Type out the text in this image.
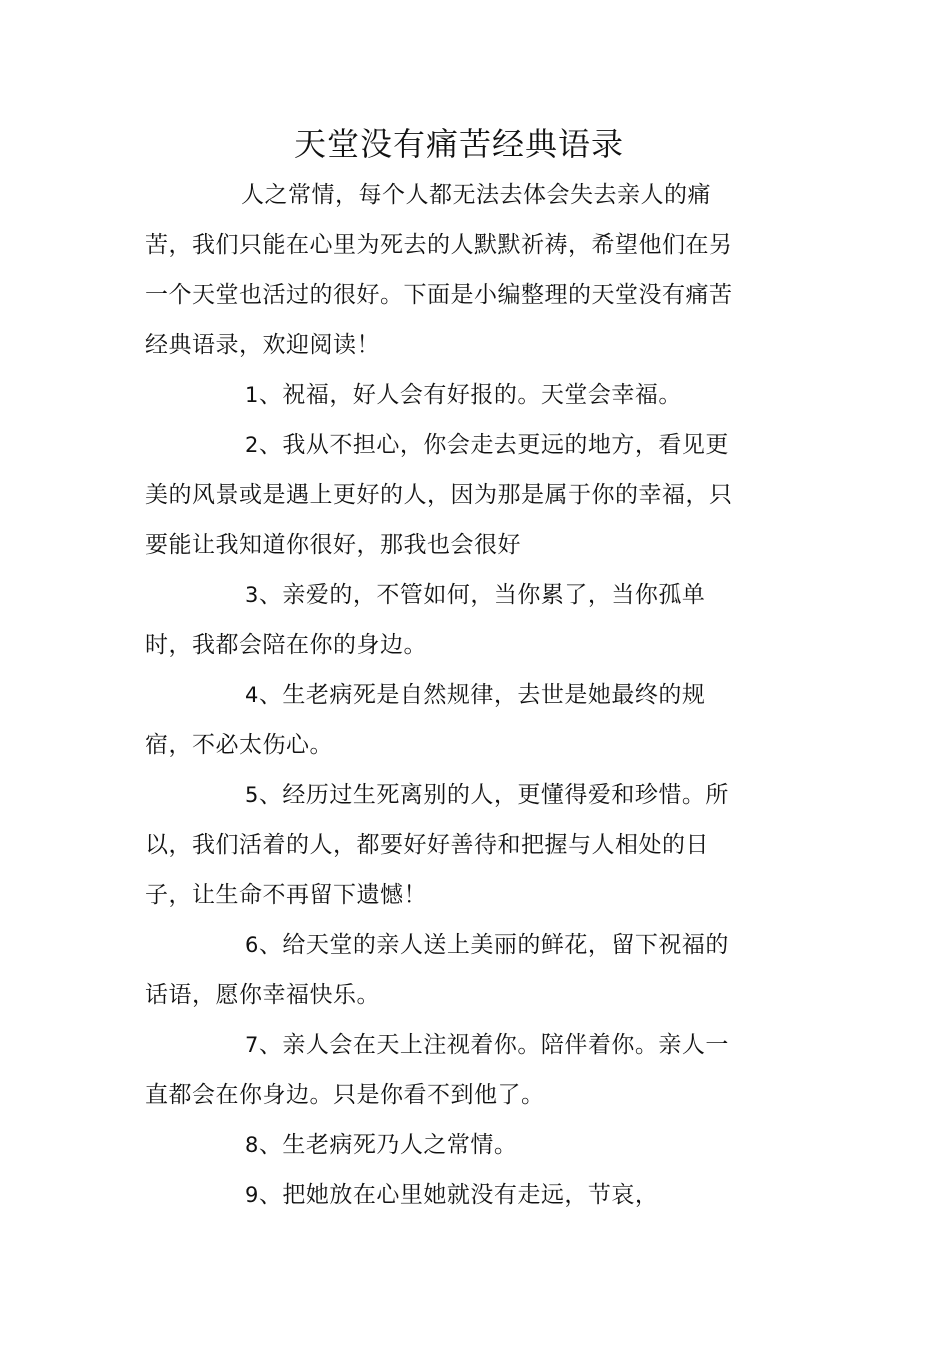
天堂没有痛苦经典语录

人之常情，每个人都无法去体会失去亲人的痛苦，我们只能在心里为死去的人默默祈祷，希望他们在另一个天堂也活过的很好。下面是小编整理的天堂没有痛苦经典语录，欢迎阅读！

1、祝福，好人会有好报的。天堂会幸福。

2、我从不担心，你会走去更远的地方，看见更美的风景或是遇上更好的人，因为那是属于你的幸福，只要能让我知道你很好，那我也会很好

3、亲爱的，不管如何，当你累了，当你孤单时，我都会陪在你的身边。

4、生老病死是自然规律，去世是她最终的规宿，不必太伤心。

5、经历过生死离别的人，更懂得爱和珍惜。所以，我们活着的人，都要好好善待和把握与人相处的日子，让生命不再留下遗憾！

6、给天堂的亲人送上美丽的鲜花，留下祝福的话语，愿你幸福快乐。

7、亲人会在天上注视着你。陪伴着你。亲人一直都会在你身边。只是你看不到他了。

8、生老病死乃人之常情。

9、把她放在心里她就没有走远，节哀，
